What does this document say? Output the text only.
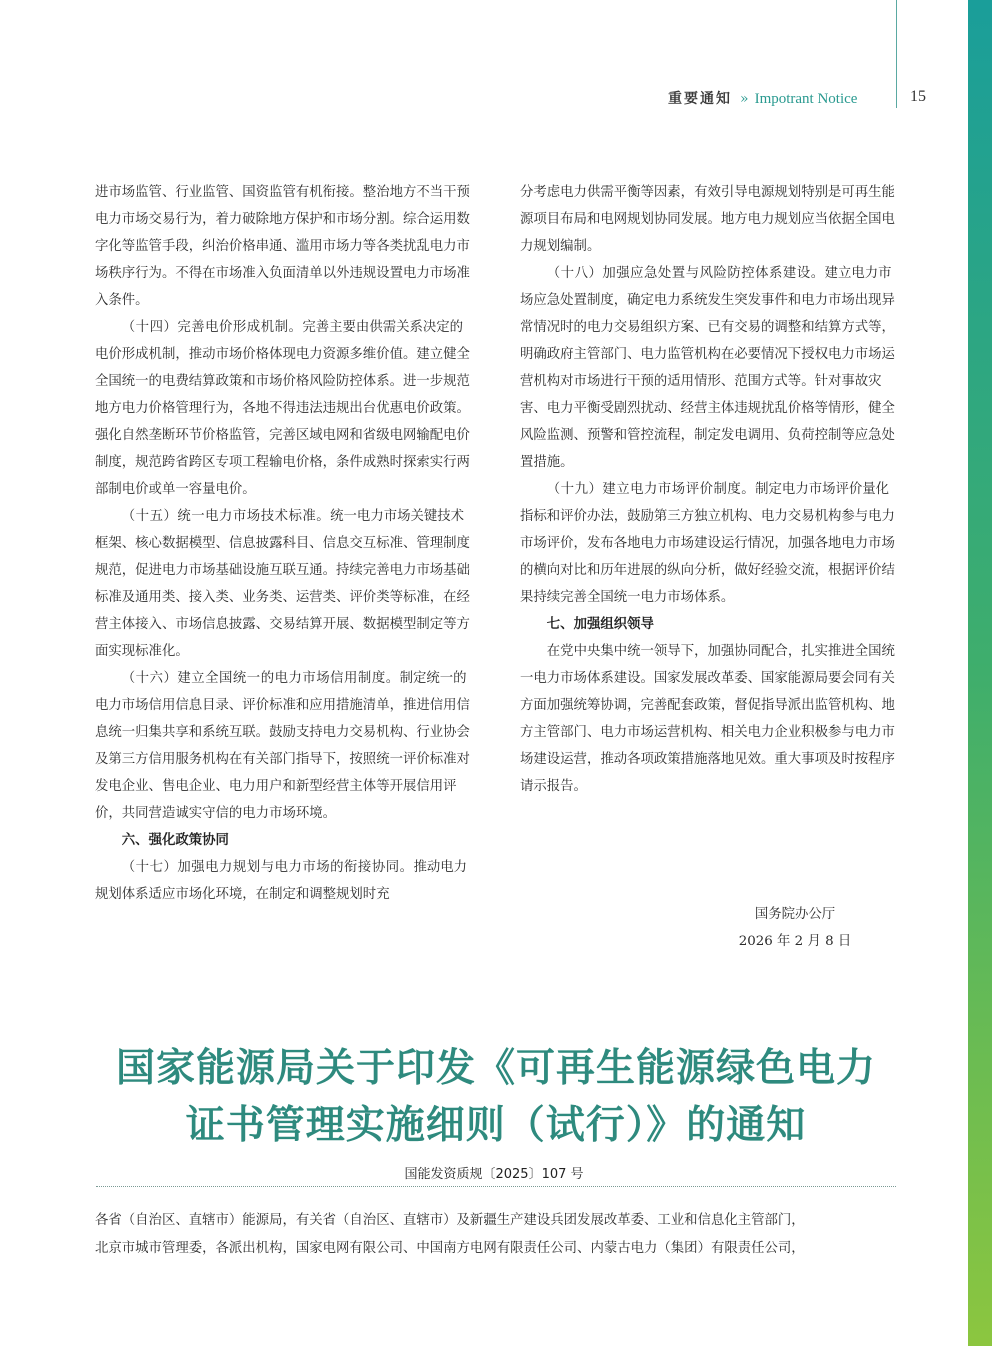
重要通知 » Impotrant Notice	15

进市场监管、行业监管、国资监管有机衔接。整治地方不当干预电力市场交易行为，着力破除地方保护和市场分割。综合运用数字化等监管手段，纠治价格串通、滥用市场力等各类扰乱电力市场秩序行为。不得在市场准入负面清单以外违规设置电力市场准入条件。

（十四）完善电价形成机制。完善主要由供需关系决定的电价形成机制，推动市场价格体现电力资源多维价值。建立健全全国统一的电费结算政策和市场价格风险防控体系。进一步规范地方电力价格管理行为，各地不得违法违规出台优惠电价政策。强化自然垄断环节价格监管，完善区域电网和省级电网输配电价制度，规范跨省跨区专项工程输电价格，条件成熟时探索实行两部制电价或单一容量电价。

（十五）统一电力市场技术标准。统一电力市场关键技术框架、核心数据模型、信息披露科目、信息交互标准、管理制度规范，促进电力市场基础设施互联互通。持续完善电力市场基础标准及通用类、接入类、业务类、运营类、评价类等标准，在经营主体接入、市场信息披露、交易结算开展、数据模型制定等方面实现标准化。

（十六）建立全国统一的电力市场信用制度。制定统一的电力市场信用信息目录、评价标准和应用措施清单，推进信用信息统一归集共享和系统互联。鼓励支持电力交易机构、行业协会及第三方信用服务机构在有关部门指导下，按照统一评价标准对发电企业、售电企业、电力用户和新型经营主体等开展信用评价，共同营造诚实守信的电力市场环境。

六、强化政策协同

（十七）加强电力规划与电力市场的衔接协同。推动电力规划体系适应市场化环境，在制定和调整规划时充

分考虑电力供需平衡等因素，有效引导电源规划特别是可再生能源项目布局和电网规划协同发展。地方电力规划应当依据全国电力规划编制。

（十八）加强应急处置与风险防控体系建设。建立电力市场应急处置制度，确定电力系统发生突发事件和电力市场出现异常情况时的电力交易组织方案、已有交易的调整和结算方式等，明确政府主管部门、电力监管机构在必要情况下授权电力市场运营机构对市场进行干预的适用情形、范围方式等。针对事故灾害、电力平衡受剧烈扰动、经营主体违规扰乱价格等情形，健全风险监测、预警和管控流程，制定发电调用、负荷控制等应急处置措施。

（十九）建立电力市场评价制度。制定电力市场评价量化指标和评价办法，鼓励第三方独立机构、电力交易机构参与电力市场评价，发布各地电力市场建设运行情况，加强各地电力市场的横向对比和历年进展的纵向分析，做好经验交流，根据评价结果持续完善全国统一电力市场体系。

七、加强组织领导

在党中央集中统一领导下，加强协同配合，扎实推进全国统一电力市场体系建设。国家发展改革委、国家能源局要会同有关方面加强统筹协调，完善配套政策，督促指导派出监管机构、地方主管部门、电力市场运营机构、相关电力企业积极参与电力市场建设运营，推动各项政策措施落地见效。重大事项及时按程序请示报告。

国务院办公厅
2026 年 2 月 8 日
国家能源局关于印发《可再生能源绿色电力
证书管理实施细则（试行）》的通知
国能发资质规〔2025〕107 号

各省（自治区、直辖市）能源局，有关省（自治区、直辖市）及新疆生产建设兵团发展改革委、工业和信息化主管部门，

北京市城市管理委，各派出机构，国家电网有限公司、中国南方电网有限责任公司、内蒙古电力（集团）有限责任公司，
